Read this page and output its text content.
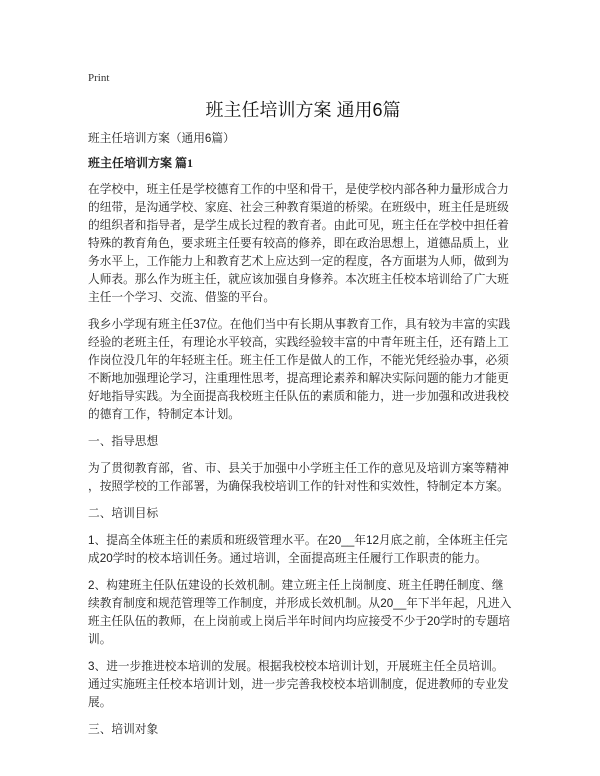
Print
班主任培训方案 通用6篇
班主任培训方案（通用6篇）
班主任培训方案 篇1
在学校中，班主任是学校德育工作的中坚和骨干，是使学校内部各种力量形成合力
的纽带，是沟通学校、家庭、社会三种教育渠道的桥梁。在班级中，班主任是班级
的组织者和指导者，是学生成长过程的教育者。由此可见，班主任在学校中担任着
特殊的教育角色，要求班主任要有较高的修养，即在政治思想上，道德品质上，业
务水平上，工作能力上和教育艺术上应达到一定的程度，各方面堪为人师，做到为
人师表。那么作为班主任，就应该加强自身修养。本次班主任校本培训给了广大班
主任一个学习、交流、借鉴的平台。
我乡小学现有班主任37位。在他们当中有长期从事教育工作，具有较为丰富的实践
经验的老班主任，有理论水平较高，实践经验较丰富的中青年班主任，还有踏上工
作岗位没几年的年轻班主任。班主任工作是做人的工作，不能光凭经验办事，必须
不断地加强理论学习，注重理性思考，提高理论素养和解决实际问题的能力才能更
好地指导实践。为全面提高我校班主任队伍的素质和能力，进一步加强和改进我校
的德育工作，特制定本计划。
一、指导思想
为了贯彻教育部，省、市、县关于加强中小学班主任工作的意见及培训方案等精神
，按照学校的工作部署，为确保我校培训工作的针对性和实效性，特制定本方案。
二、培训目标
1、提高全体班主任的素质和班级管理水平。在20__年12月底之前，全体班主任完
成20学时的校本培训任务。通过培训，全面提高班主任履行工作职责的能力。
2、构建班主任队伍建设的长效机制。建立班主任上岗制度、班主任聘任制度、继
续教育制度和规范管理等工作制度，并形成长效机制。从20__年下半年起，凡进入
班主任队伍的教师，在上岗前或上岗后半年时间内均应接受不少于20学时的专题培
训。
3、进一步推进校本培训的发展。根据我校校本培训计划，开展班主任全员培训。
通过实施班主任校本培训计划，进一步完善我校校本培训制度，促进教师的专业发
展。
三、培训对象
